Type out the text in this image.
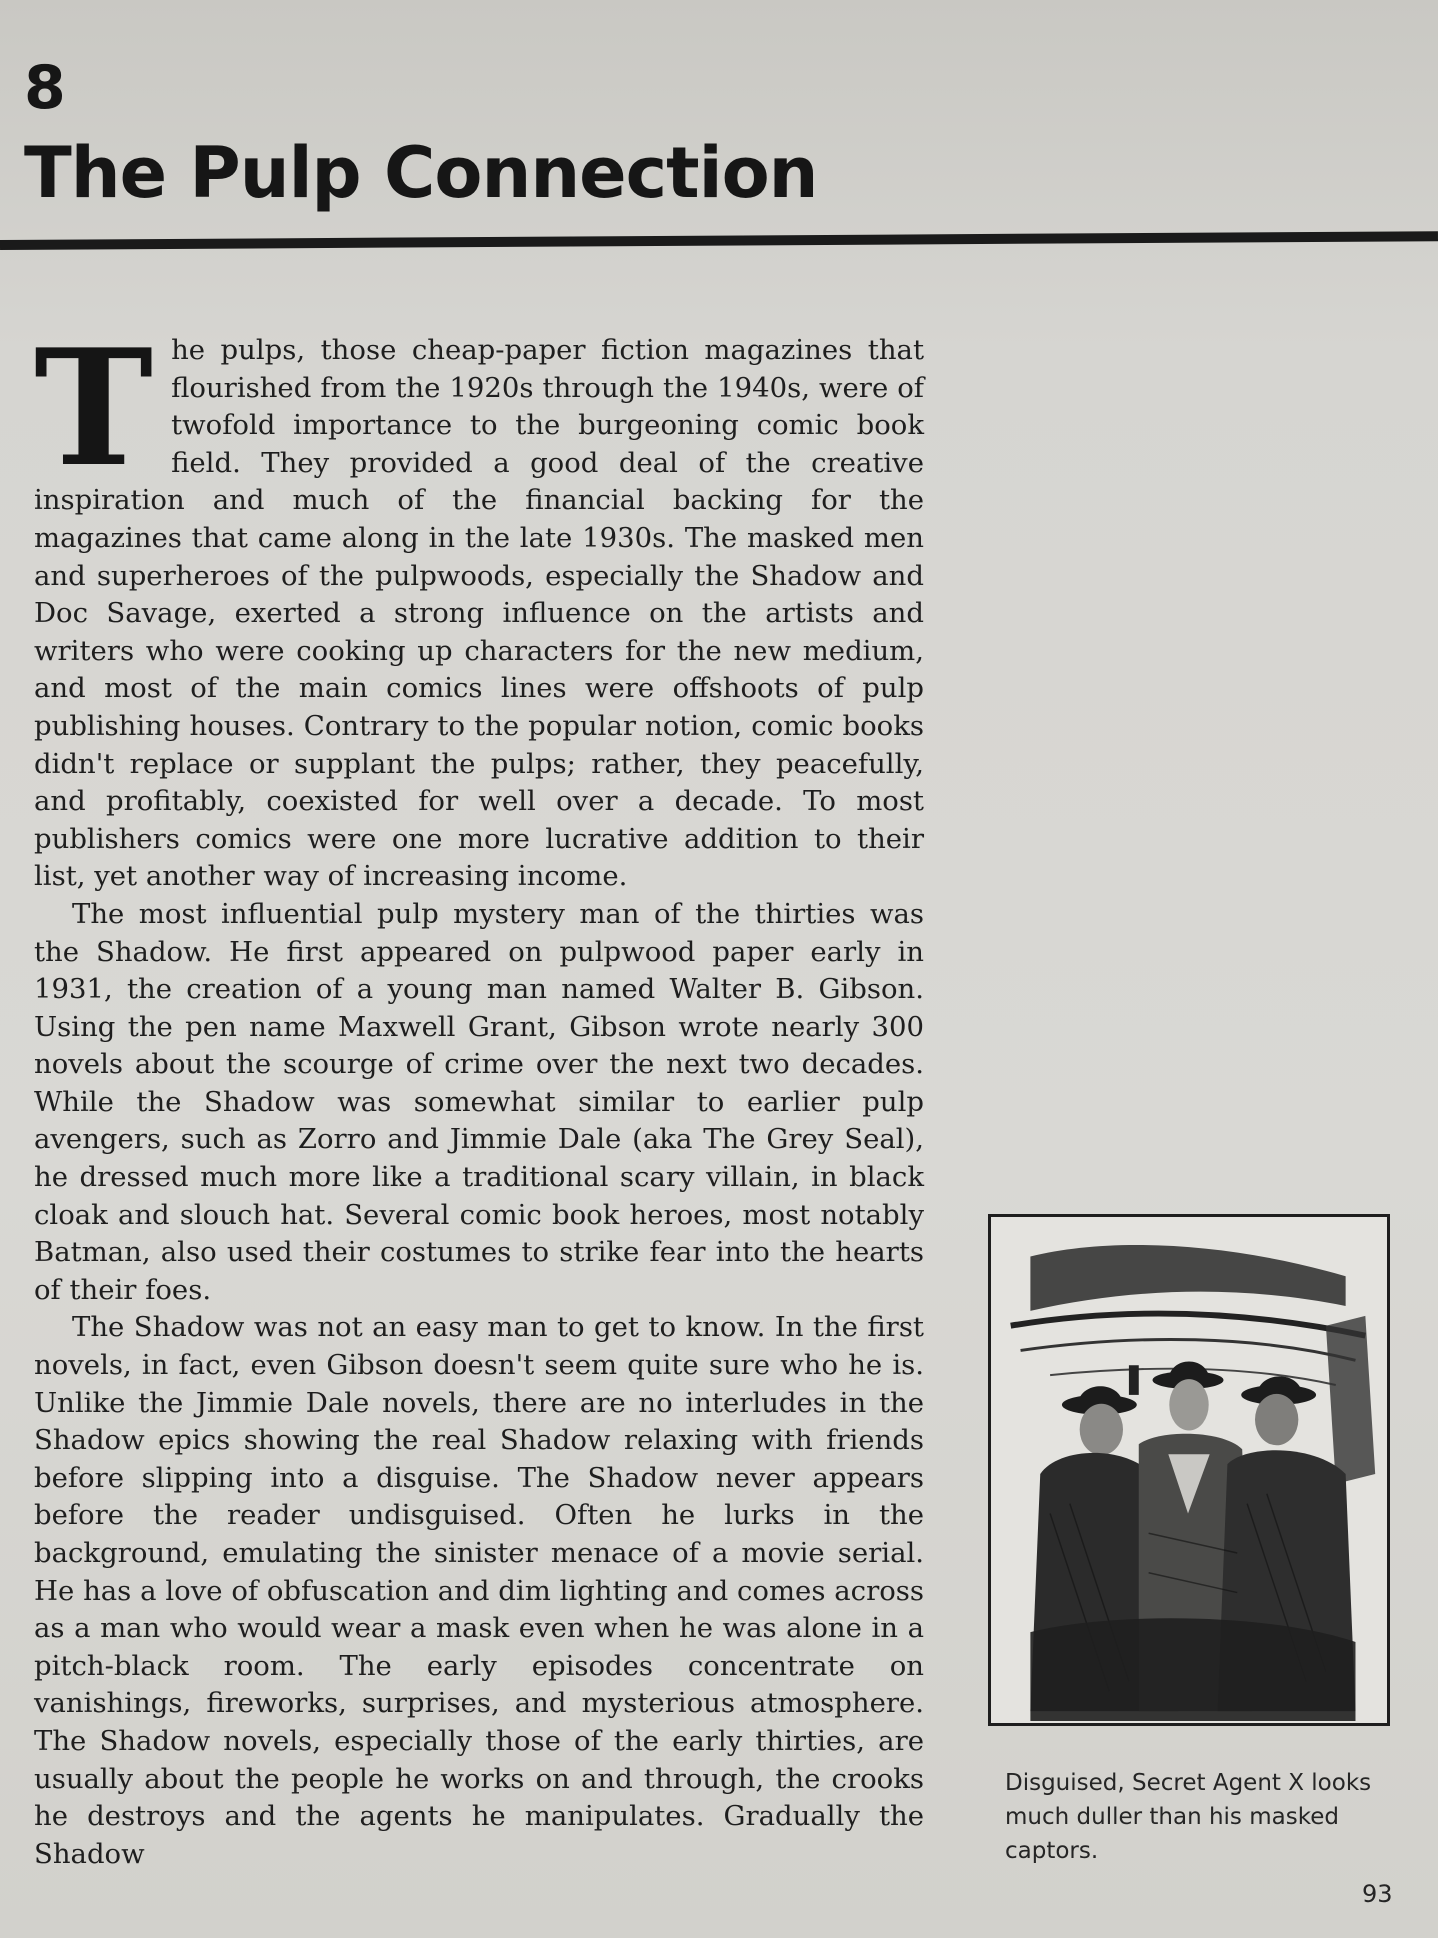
8
The Pulp Connection

The pulps, those cheap-paper fiction magazines that flourished from the 1920s through the 1940s, were of twofold importance to the burgeoning comic book field. They provided a good deal of the creative inspiration and much of the financial backing for the magazines that came along in the late 1930s. The masked men and superheroes of the pulpwoods, especially the Shadow and Doc Savage, exerted a strong influence on the artists and writers who were cooking up characters for the new medium, and most of the main comics lines were offshoots of pulp publishing houses. Contrary to the popular notion, comic books didn't replace or supplant the pulps; rather, they peacefully, and profitably, coexisted for well over a decade. To most publishers comics were one more lucrative addition to their list, yet another way of increasing income.

The most influential pulp mystery man of the thirties was the Shadow. He first appeared on pulpwood paper early in 1931, the creation of a young man named Walter B. Gibson. Using the pen name Maxwell Grant, Gibson wrote nearly 300 novels about the scourge of crime over the next two decades. While the Shadow was somewhat similar to earlier pulp avengers, such as Zorro and Jimmie Dale (aka The Grey Seal), he dressed much more like a traditional scary villain, in black cloak and slouch hat. Several comic book heroes, most notably Batman, also used their costumes to strike fear into the hearts of their foes.

The Shadow was not an easy man to get to know. In the first novels, in fact, even Gibson doesn't seem quite sure who he is. Unlike the Jimmie Dale novels, there are no interludes in the Shadow epics showing the real Shadow relaxing with friends before slipping into a disguise. The Shadow never appears before the reader undisguised. Often he lurks in the background, emulating the sinister menace of a movie serial. He has a love of obfuscation and dim lighting and comes across as a man who would wear a mask even when he was alone in a pitch-black room. The early episodes concentrate on vanishings, fireworks, surprises, and mysterious atmosphere. The Shadow novels, especially those of the early thirties, are usually about the people he works on and through, the crooks he destroys and the agents he manipulates. Gradually the Shadow

Disguised, Secret Agent X looks much duller than his masked captors.
93
